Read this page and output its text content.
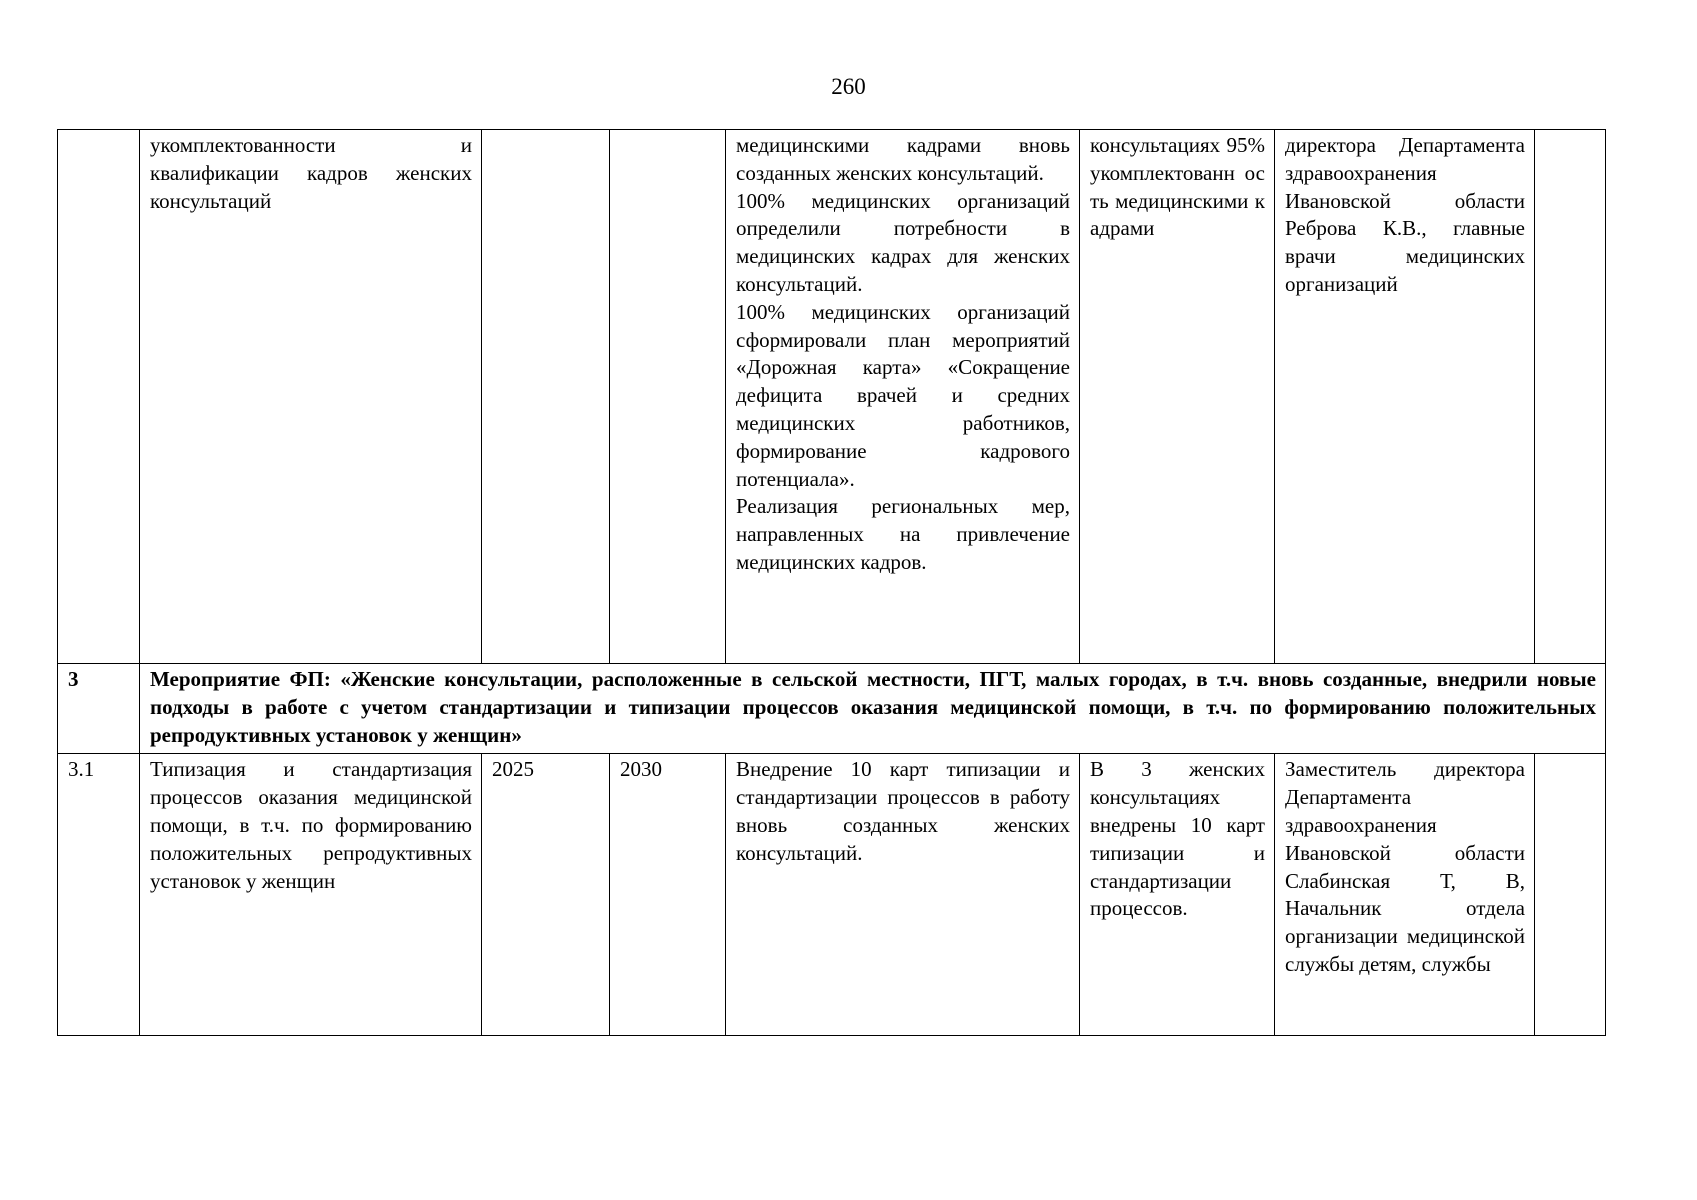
260
	укомплектованности и квалификации кадров женских консультаций			медицинскими кадрами вновь созданных женских консультаций.
100% медицинских организаций определили потребности в медицинских кадрах для женских консультаций.
100% медицинских организаций сформировали план мероприятий «Дорожная карта» «Сокращение дефицита врачей и средних медицинских работников, формирование кадрового потенциала».
Реализация региональных мер, направленных на привлечение медицинских кадров.	консультациях 95% укомплектованн ость медицинскими кадрами	директора Департамента здравоохранения Ивановской области Реброва К.В., главные врачи медицинских организаций	
3	Мероприятие ФП: «Женские консультации, расположенные в сельской местности, ПГТ, малых городах, в т.ч. вновь созданные, внедрили новые подходы в работе с учетом стандартизации и типизации процессов оказания медицинской помощи, в т.ч. по формированию положительных репродуктивных установок у женщин»						
3.1	Типизация и стандартизация процессов оказания медицинской помощи, в т.ч. по формированию положительных репродуктивных установок у женщин	2025	2030	Внедрение 10 карт типизации и стандартизации процессов в работу вновь созданных женских консультаций.	В 3 женских консультациях внедрены 10 карт типизации и стандартизации процессов.	Заместитель директора Департамента здравоохранения Ивановской области Слабинская Т, В, Начальник отдела организации медицинской службы детям, службы	
